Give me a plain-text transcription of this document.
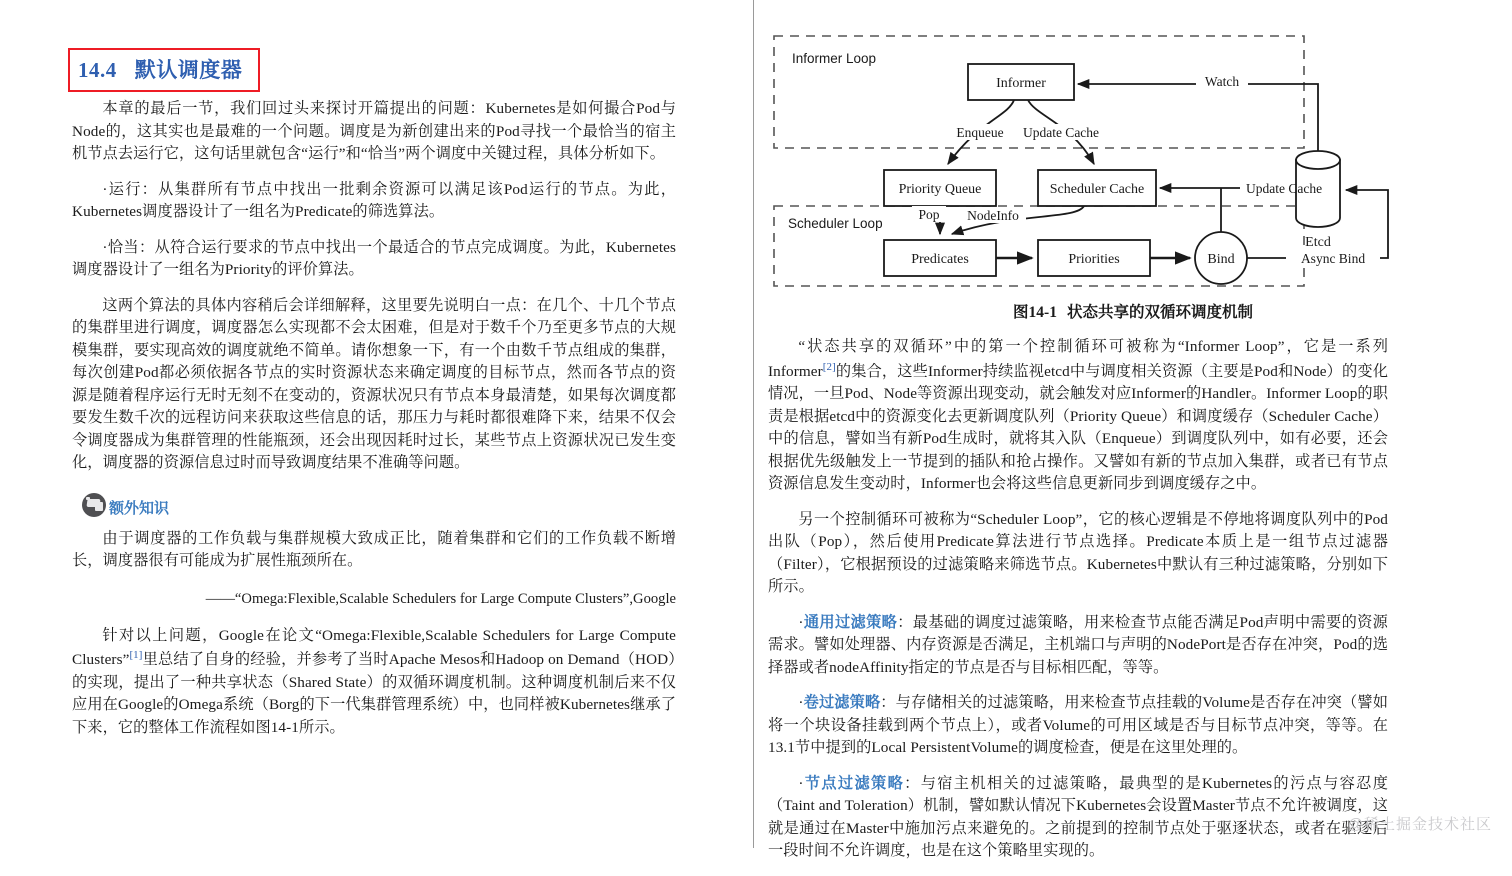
14.4 默认调度器

本章的最后一节，我们回过头来探讨开篇提出的问题：Kubernetes是如何撮合Pod与Node的，这其实也是最难的一个问题。调度是为新创建出来的Pod寻找一个最恰当的宿主机节点去运行它，这句话里就包含“运行”和“恰当”两个调度中关键过程，具体分析如下。

·运行：从集群所有节点中找出一批剩余资源可以满足该Pod运行的节点。为此，Kubernetes调度器设计了一组名为Predicate的筛选算法。

·恰当：从符合运行要求的节点中找出一个最适合的节点完成调度。为此，Kubernetes调度器设计了一组名为Priority的评价算法。

这两个算法的具体内容稍后会详细解释，这里要先说明白一点：在几个、十几个节点的集群里进行调度，调度器怎么实现都不会太困难，但是对于数千个乃至更多节点的大规模集群，要实现高效的调度就绝不简单。请你想象一下，有一个由数千节点组成的集群，每次创建Pod都必须依据各节点的实时资源状态来确定调度的目标节点，然而各节点的资源是随着程序运行无时无刻不在变动的，资源状况只有节点本身最清楚，如果每次调度都要发生数千次的远程访问来获取这些信息的话，那压力与耗时都很难降下来，结果不仅会令调度器成为集群管理的性能瓶颈，还会出现因耗时过长，某些节点上资源状况已发生变化，调度器的资源信息过时而导致调度结果不准确等问题。

额外知识

由于调度器的工作负载与集群规模大致成正比，随着集群和它们的工作负载不断增长，调度器很有可能成为扩展性瓶颈所在。

——“Omega:Flexible,Scalable Schedulers for Large Compute Clusters”,Google

针对以上问题，Google在论文“Omega:Flexible,Scalable Schedulers for Large Compute Clusters”[1]里总结了自身的经验，并参考了当时Apache Mesos和Hadoop on Demand（HOD）的实现，提出了一种共享状态（Shared State）的双循环调度机制。这种调度机制后来不仅应用在Google的Omega系统（Borg的下一代集群管理系统）中，也同样被Kubernetes继承了下来，它的整体工作流程如图14-1所示。

Informer Loop
Scheduler Loop
Informer
Priority Queue	Scheduler Cache
Predicates	Priorities	Bind
Etcd
Watch
Enqueue Update Cache
Update Cache
Pop NodeInfo
Async Bind
图14-1 状态共享的双循环调度机制

“状态共享的双循环”中的第一个控制循环可被称为“Informer Loop”，它是一系列Informer[2]的集合，这些Informer持续监视etcd中与调度相关资源（主要是Pod和Node）的变化情况，一旦Pod、Node等资源出现变动，就会触发对应Informer的Handler。Informer Loop的职责是根据etcd中的资源变化去更新调度队列（Priority Queue）和调度缓存（Scheduler Cache）中的信息，譬如当有新Pod生成时，就将其入队（Enqueue）到调度队列中，如有必要，还会根据优先级触发上一节提到的插队和抢占操作。又譬如有新的节点加入集群，或者已有节点资源信息发生变动时，Informer也会将这些信息更新同步到调度缓存之中。

另一个控制循环可被称为“Scheduler Loop”，它的核心逻辑是不停地将调度队列中的Pod出队（Pop），然后使用Predicate算法进行节点选择。Predicate本质上是一组节点过滤器（Filter），它根据预设的过滤策略来筛选节点。Kubernetes中默认有三种过滤策略，分别如下所示。

·通用过滤策略：最基础的调度过滤策略，用来检查节点能否满足Pod声明中需要的资源需求。譬如处理器、内存资源是否满足，主机端口与声明的NodePort是否存在冲突，Pod的选择器或者nodeAffinity指定的节点是否与目标相匹配，等等。

·卷过滤策略：与存储相关的过滤策略，用来检查节点挂载的Volume是否存在冲突（譬如将一个块设备挂载到两个节点上），或者Volume的可用区域是否与目标节点冲突，等等。在13.1节中提到的Local PersistentVolume的调度检查，便是在这里处理的。

·节点过滤策略：与宿主机相关的过滤策略，最典型的是Kubernetes的污点与容忍度（Taint and Toleration）机制，譬如默认情况下Kubernetes会设置Master节点不允许被调度，这就是通过在Master中施加污点来避免的。之前提到的控制节点处于驱逐状态，或者在驱逐后一段时间不允许调度，也是在这个策略里实现的。

@稀土掘金技术社区
